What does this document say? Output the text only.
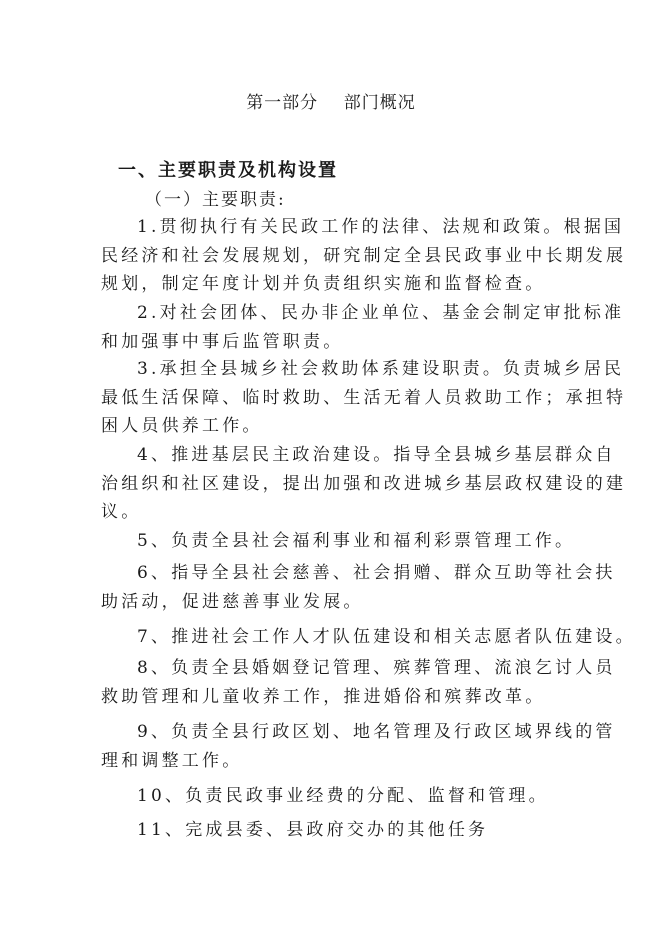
第一部分    部门概况
一、主要职责及机构设置
（一）主要职责:
1.贯彻执行有关民政工作的法律、法规和政策。根据国
民经济和社会发展规划，研究制定全县民政事业中长期发展
规划，制定年度计划并负责组织实施和监督检查。
2.对社会团体、民办非企业单位、基金会制定审批标准
和加强事中事后监管职责。
3.承担全县城乡社会救助体系建设职责。负责城乡居民
最低生活保障、临时救助、生活无着人员救助工作；承担特
困人员供养工作。
4、推进基层民主政治建设。指导全县城乡基层群众自
治组织和社区建设，提出加强和改进城乡基层政权建设的建
议。
5、负责全县社会福利事业和福利彩票管理工作。
6、指导全县社会慈善、社会捐赠、群众互助等社会扶
助活动，促进慈善事业发展。
7、推进社会工作人才队伍建设和相关志愿者队伍建设。
8、负责全县婚姻登记管理、殡葬管理、流浪乞讨人员
救助管理和儿童收养工作，推进婚俗和殡葬改革。
9、负责全县行政区划、地名管理及行政区域界线的管
理和调整工作。
10、负责民政事业经费的分配、监督和管理。
11、完成县委、县政府交办的其他任务
